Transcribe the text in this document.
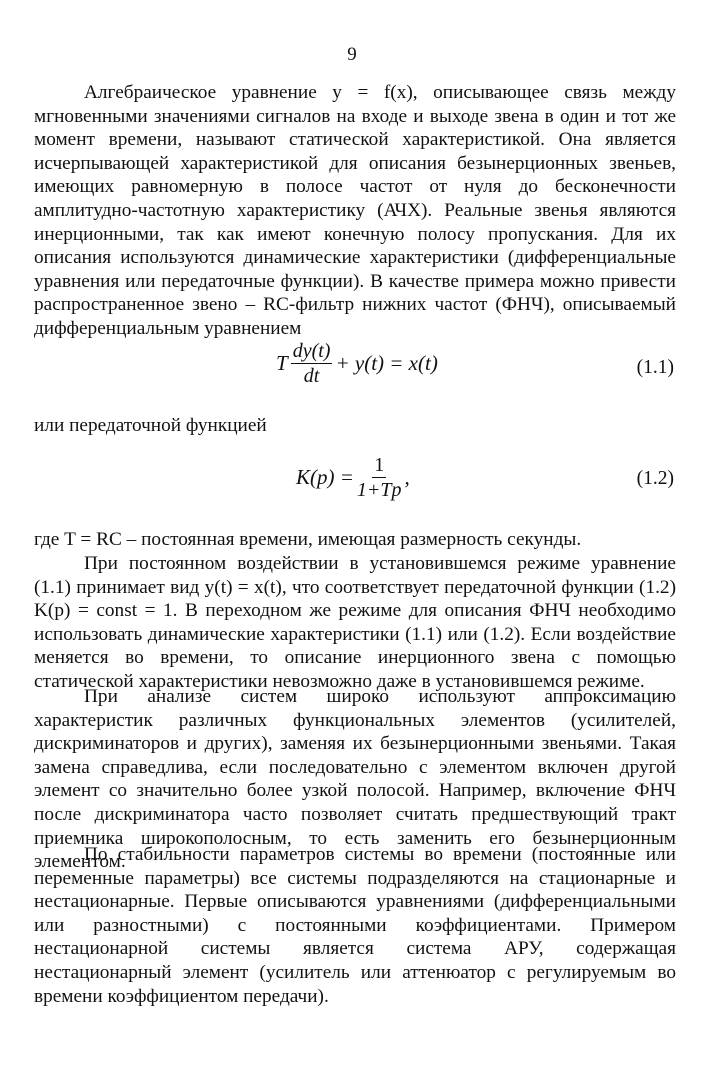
9

Алгебраическое уравнение y = f(x), описывающее связь между мгновенными значениями сигналов на входе и выходе звена в один и тот же момент времени, называют статической характеристикой. Она является исчерпывающей характеристикой для описания безынерционных звеньев, имеющих равномерную в полосе частот от нуля до бесконечности амплитудно-частотную характеристику (АЧХ). Реальные звенья являются инерционными, так как имеют конечную полосу пропускания. Для их описания используются динамические характеристики (дифференциальные уравнения или передаточные функции). В качестве примера можно привести распространенное звено – RC-фильтр нижних частот (ФНЧ), описываемый дифференциальным уравнением

T $\frac{dy(t)}{dt} + y(t) = x(t)$	(1.1)

или передаточной функцией

$K(p) = \frac{1}{1+Tp}$ ,	(1.2)

где T = RC – постоянная времени, имеющая размерность секунды.

При постоянном воздействии в установившемся режиме уравнение (1.1) принимает вид y(t) = x(t), что соответствует передаточной функции (1.2) K(p) = const = 1. В переходном же режиме для описания ФНЧ необходимо использовать динамические характеристики (1.1) или (1.2). Если воздействие меняется во времени, то описание инерционного звена с помощью статической характеристики невозможно даже в установившемся режиме.

При анализе систем широко используют аппроксимацию характеристик различных функциональных элементов (усилителей, дискриминаторов и других), заменяя их безынерционными звеньями. Такая замена справедлива, если последовательно с элементом включен другой элемент со значительно более узкой полосой. Например, включение ФНЧ после дискриминатора часто позволяет считать предшествующий тракт приемника широкополосным, то есть заменить его безынерционным элементом.

По стабильности параметров системы во времени (постоянные или переменные параметры) все системы подразделяются на стационарные и нестационарные. Первые описываются уравнениями (дифференциальными или разностными) с постоянными коэффициентами. Примером нестационарной системы является система АРУ, содержащая нестационарный элемент (усилитель или аттенюатор с регулируемым во времени коэффициентом передачи).
